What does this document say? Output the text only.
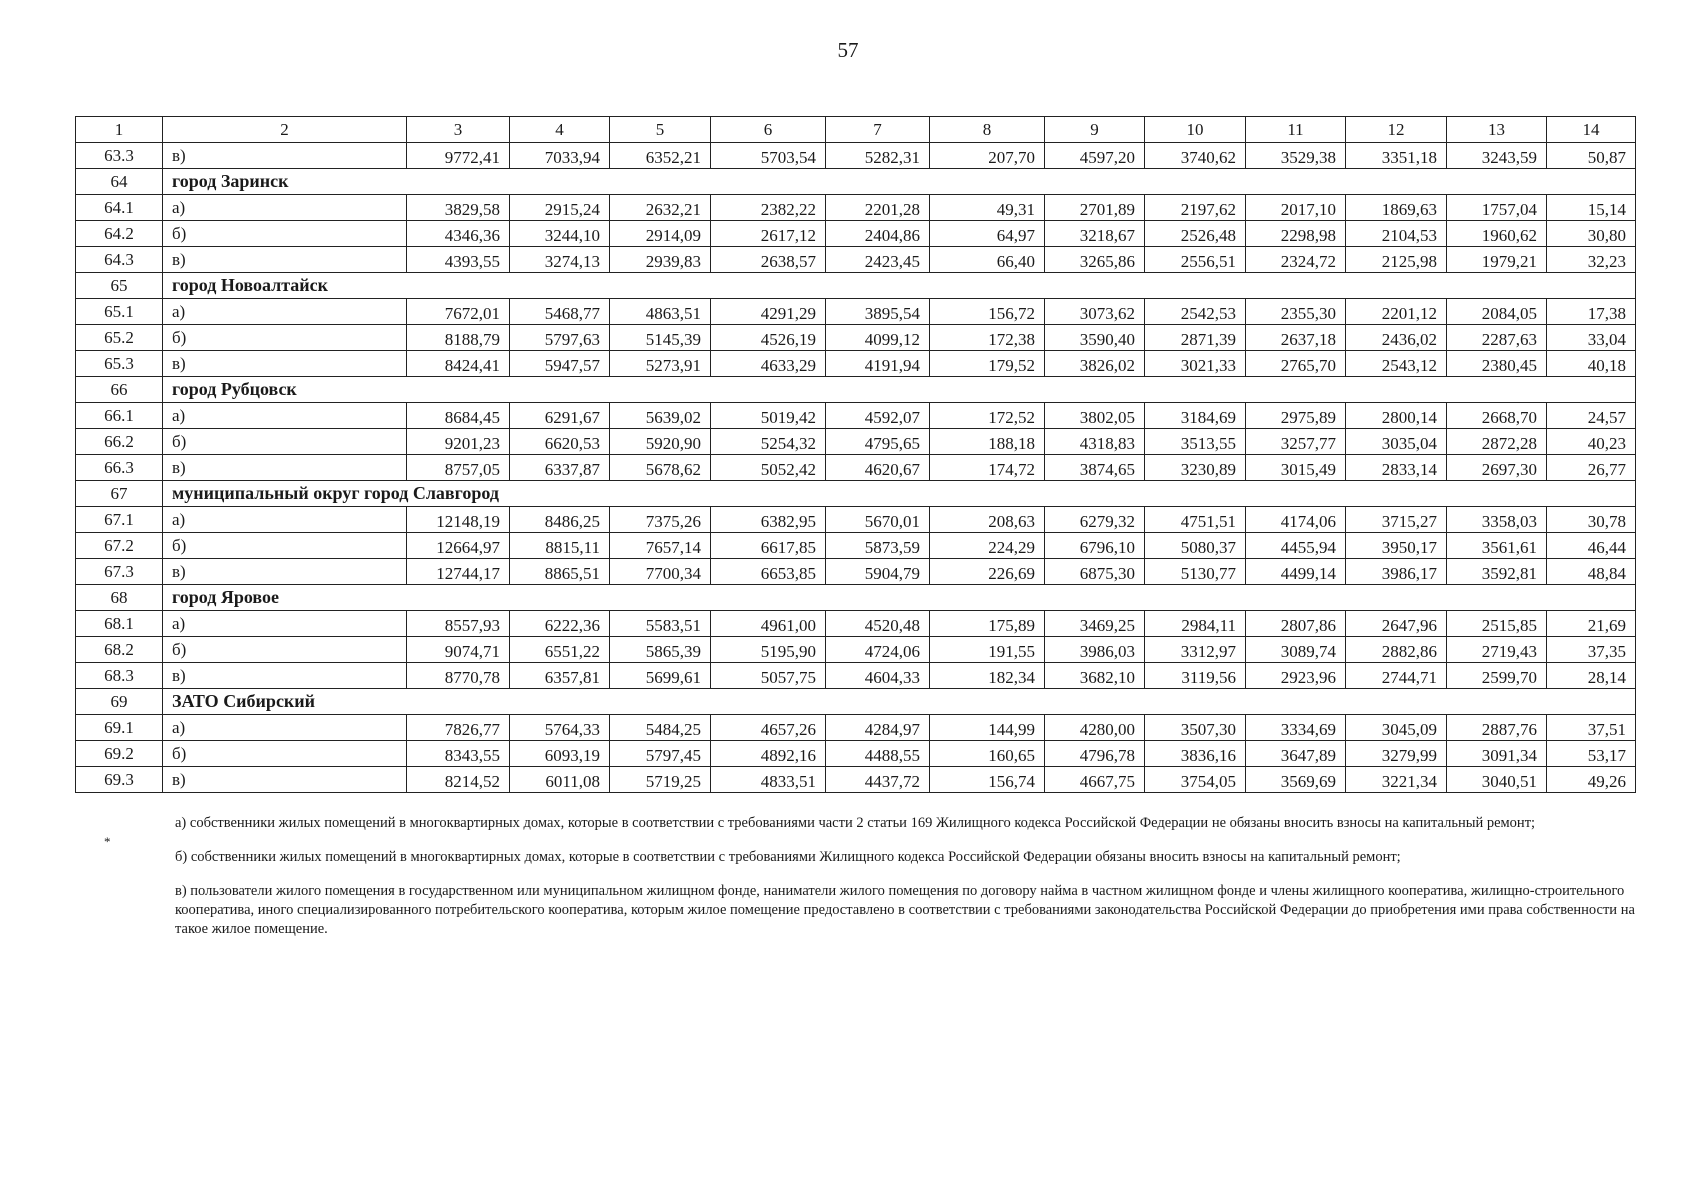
57
1	2	3	4	5	6	7	8	9	10	11	12	13	14
63.3	в)	9772,41	7033,94	6352,21	5703,54	5282,31	207,70	4597,20	3740,62	3529,38	3351,18	3243,59	50,87
64	город Заринск												
64.1	а)	3829,58	2915,24	2632,21	2382,22	2201,28	49,31	2701,89	2197,62	2017,10	1869,63	1757,04	15,14
64.2	б)	4346,36	3244,10	2914,09	2617,12	2404,86	64,97	3218,67	2526,48	2298,98	2104,53	1960,62	30,80
64.3	в)	4393,55	3274,13	2939,83	2638,57	2423,45	66,40	3265,86	2556,51	2324,72	2125,98	1979,21	32,23
65	город Новоалтайск												
65.1	а)	7672,01	5468,77	4863,51	4291,29	3895,54	156,72	3073,62	2542,53	2355,30	2201,12	2084,05	17,38
65.2	б)	8188,79	5797,63	5145,39	4526,19	4099,12	172,38	3590,40	2871,39	2637,18	2436,02	2287,63	33,04
65.3	в)	8424,41	5947,57	5273,91	4633,29	4191,94	179,52	3826,02	3021,33	2765,70	2543,12	2380,45	40,18
66	город Рубцовск												
66.1	а)	8684,45	6291,67	5639,02	5019,42	4592,07	172,52	3802,05	3184,69	2975,89	2800,14	2668,70	24,57
66.2	б)	9201,23	6620,53	5920,90	5254,32	4795,65	188,18	4318,83	3513,55	3257,77	3035,04	2872,28	40,23
66.3	в)	8757,05	6337,87	5678,62	5052,42	4620,67	174,72	3874,65	3230,89	3015,49	2833,14	2697,30	26,77
67	муниципальный округ город Славгород												
67.1	а)	12148,19	8486,25	7375,26	6382,95	5670,01	208,63	6279,32	4751,51	4174,06	3715,27	3358,03	30,78
67.2	б)	12664,97	8815,11	7657,14	6617,85	5873,59	224,29	6796,10	5080,37	4455,94	3950,17	3561,61	46,44
67.3	в)	12744,17	8865,51	7700,34	6653,85	5904,79	226,69	6875,30	5130,77	4499,14	3986,17	3592,81	48,84
68	город Яровое												
68.1	а)	8557,93	6222,36	5583,51	4961,00	4520,48	175,89	3469,25	2984,11	2807,86	2647,96	2515,85	21,69
68.2	б)	9074,71	6551,22	5865,39	5195,90	4724,06	191,55	3986,03	3312,97	3089,74	2882,86	2719,43	37,35
68.3	в)	8770,78	6357,81	5699,61	5057,75	4604,33	182,34	3682,10	3119,56	2923,96	2744,71	2599,70	28,14
69	ЗАТО Сибирский												
69.1	а)	7826,77	5764,33	5484,25	4657,26	4284,97	144,99	4280,00	3507,30	3334,69	3045,09	2887,76	37,51
69.2	б)	8343,55	6093,19	5797,45	4892,16	4488,55	160,65	4796,78	3836,16	3647,89	3279,99	3091,34	53,17
69.3	в)	8214,52	6011,08	5719,25	4833,51	4437,72	156,74	4667,75	3754,05	3569,69	3221,34	3040,51	49,26
*

а) собственники жилых помещений в многоквартирных домах, которые в соответствии с требованиями части 2 статьи 169 Жилищного кодекса Российской Федерации не обязаны вносить взносы на капитальный ремонт;

б) собственники жилых помещений в многоквартирных домах, которые в соответствии с требованиями Жилищного кодекса Российской Федерации обязаны вносить взносы на капитальный ремонт;

в) пользователи жилого помещения в государственном или муниципальном жилищном фонде, наниматели жилого помещения по договору найма в частном жилищном фонде и члены жилищного кооператива, жилищно-строительного кооператива, иного специализированного потребительского кооператива, которым жилое помещение предоставлено в соответствии с требованиями законодательства Российской Федерации до приобретения ими права собственности на такое жилое помещение.
